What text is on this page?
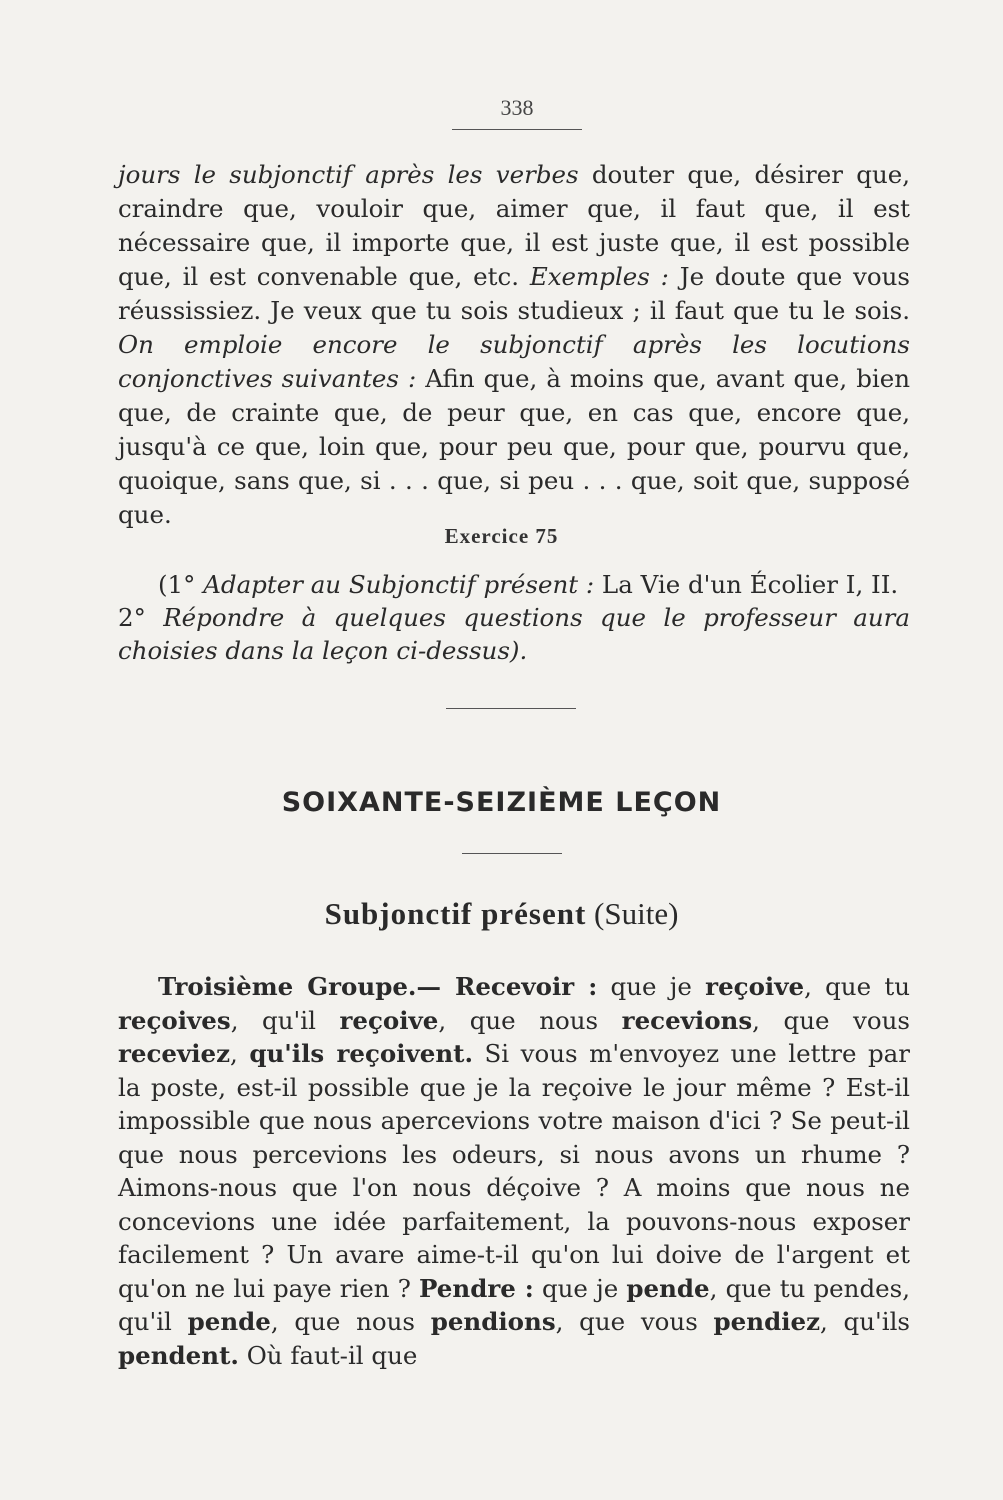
338

jours le subjonctif après les verbes douter que, désirer que, craindre que, vouloir que, aimer que, il faut que, il est nécessaire que, il importe que, il est juste que, il est possible que, il est convenable que, etc. Exemples : Je doute que vous réussissiez. Je veux que tu sois studieux ; il faut que tu le sois. On emploie encore le subjonctif après les locutions conjonctives suivantes : Afin que, à moins que, avant que, bien que, de crainte que, de peur que, en cas que, encore que, jusqu'à ce que, loin que, pour peu que, pour que, pourvu que, quoique, sans que, si . . . que, si peu . . . que, soit que, supposé que.

Exercice 75

(1° Adapter au Subjonctif présent : La Vie d'un Écolier I, II.
2° Répondre à quelques questions que le professeur aura choisies dans la leçon ci-dessus).

SOIXANTE-SEIZIÈME LEÇON
Subjonctif présent (Suite)

Troisième Groupe.— Recevoir : que je reçoive, que tu reçoives, qu'il reçoive, que nous recevions, que vous receviez, qu'ils reçoivent. Si vous m'envoyez une lettre par la poste, est-il possible que je la reçoive le jour même ? Est-il impossible que nous apercevions votre maison d'ici ? Se peut-il que nous percevions les odeurs, si nous avons un rhume ? Aimons-nous que l'on nous déçoive ? A moins que nous ne concevions une idée parfaitement, la pouvons-nous exposer facilement ? Un avare aime-t-il qu'on lui doive de l'argent et qu'on ne lui paye rien ? Pendre : que je pende, que tu pendes, qu'il pende, que nous pendions, que vous pendiez, qu'ils pendent. Où faut-il que
